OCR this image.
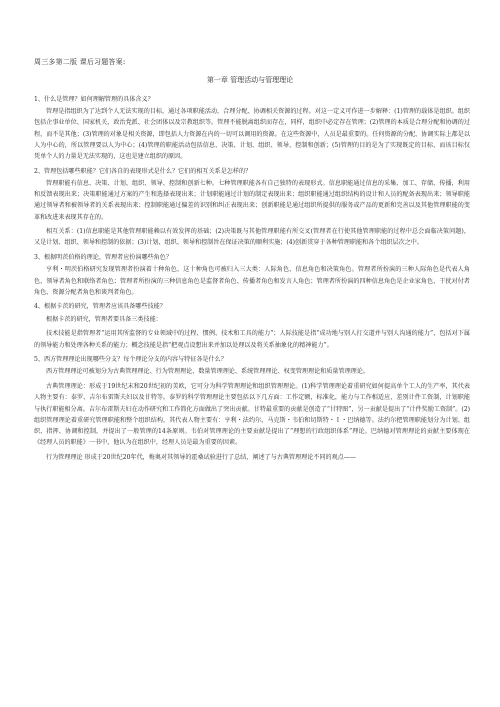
周三多第二版 课后习题答案:
第一章 管理活动与管理理论
1、什么是管理？如何理解管理的具体含义？

管理是指组织为了达到个人无法实现的目标，通过各项职能活动，合理分配、协调相关资源的过程。对这一定义可作进一步解释：(1)管理的载体是组织。组织包括企事业单位、国家机关、政治党派、社会团体以及宗教组织等。管理不能脱离组织而存在，同样，组织中必定存在管理；(2)管理的本质是合理分配和协调的过程，而不是其他；(3)管理的对象是相关资源，即包括人力资源在内的一切可以调用的资源。在这些资源中，人员是最重要的。任何资源的分配、协调实际上都是以人为中心的，所以管理要以人为中心；(4)管理的职能活动包括信息、决策、计划、组织、领导、控制和创新；(5)管理的目的是为了实现既定的目标，而该目标仅凭单个人的力量是无法实现的，这也是建立组织的原因。

2、管理包括哪些职能？它们各自的表现形式是什么？它们的相互关系是怎样的？

管理职能有信息、决策、计划、组织、领导、控制和创新七种。七种管理职能各有自己独特的表现形式。信息职能通过信息的采集、加工、存储、传播，利用和反馈表现出来；决策职能通过方案的产生和选择表现出来；计划职能通过计划的制定表现出来；组织职能通过组织结构的设计和人员的配备表现出来；领导职能通过领导者和被领导者的关系表现出来；控制职能通过偏差的识别和纠正表现出来；创新职能是通过组织所提供的服务或产品的更新和完善以及其他管理职能的变革和改进来表现其存在的。

相互关系：(1)信息职能是其他管理职能赖以有效发挥的基础；(2)决策既与其他管理职能有所交叉(管理者在行使其他管理职能的过程中总会面临决策问题)，又是计划、组织、领导和控制的依据；(3)计划、组织、领导和控制旨在保证决策的顺利实施；(4)创新贯穿于各种管理职能和各个组织层次之中。

3、根据明茨伯格的理论，管理者应扮演哪些角色？

亨利・明茨伯格研究发现管理者扮演着十种角色，这十种角色可被归入三大类：人际角色、信息角色和决策角色。管理者所扮演的三种人际角色是代表人角色、领导者角色和联络者角色；管理者所扮演的三种信息角色是监督者角色、传播者角色和发言人角色；管理者所扮演的四种信息角色是企业家角色、干扰对付者角色、资源分配者角色和谈判者角色。

4、根据卡茨的研究，管理者应该具备哪些技能？

根据卡茨的研究，管理者要具备三类技能：

技术技能是指管理者“运用其所监督的专业领域中的过程、惯例、技术和工具的能力”；人际技能是指“成功地与别人打交道并与别人沟通的能力”，包括对下属的领导能力和处理各种关系的能力；概念技能是指“把观点设想出来并加以处理以及将关系抽象化的精神能力”。

5、西方管理理论出现哪些分支？每个理论分支的内容与特征各是什么？

西方管理理论可被划分为古典管理理论、行为管理理论、数量管理理论、系统管理理论、权变管理理论和质量管理理论。

古典管理理论：形成于19世纪末和20世纪初的美欧，它可分为科学管理理论和组织管理理论。(1)科学管理理论着重研究如何提高单个工人的生产率，其代表人物主要有：泰罗、吉尔布雷斯夫妇以及甘特等。泰罗的科学管理理论主要包括以下几方面：工作定额，标准化，能力与工作相适应，差别计件工资制，计划职能与执行职能相分离。吉尔布雷斯夫妇在动作研究和工作简化方面做出了突出贡献。甘特最重要的贡献是创造了“甘特图”，另一贡献是提出了“计件奖励工资制”。(2)组织管理理论着重研究管理职能和整个组织结构，其代表人物主要有：亨利・法约尔、马克斯・韦伯和切斯特・Ｉ・巴纳德等。法约尔把管理职能划分为计划、组织、指挥、协调和控制，并提出了一般管理的14条原则。韦伯对管理理论的主要贡献是提出了“理想的行政组织体系”理论。巴纳德对管理理论的贡献主要体现在《经理人员的职能》一书中，他认为在组织中，经理人员是最为重要的因素。

行为管理理论 形成于20世纪20年代，梅奥对其领导的霍桑试验进行了总结，阐述了与古典管理理论不同的观点——
